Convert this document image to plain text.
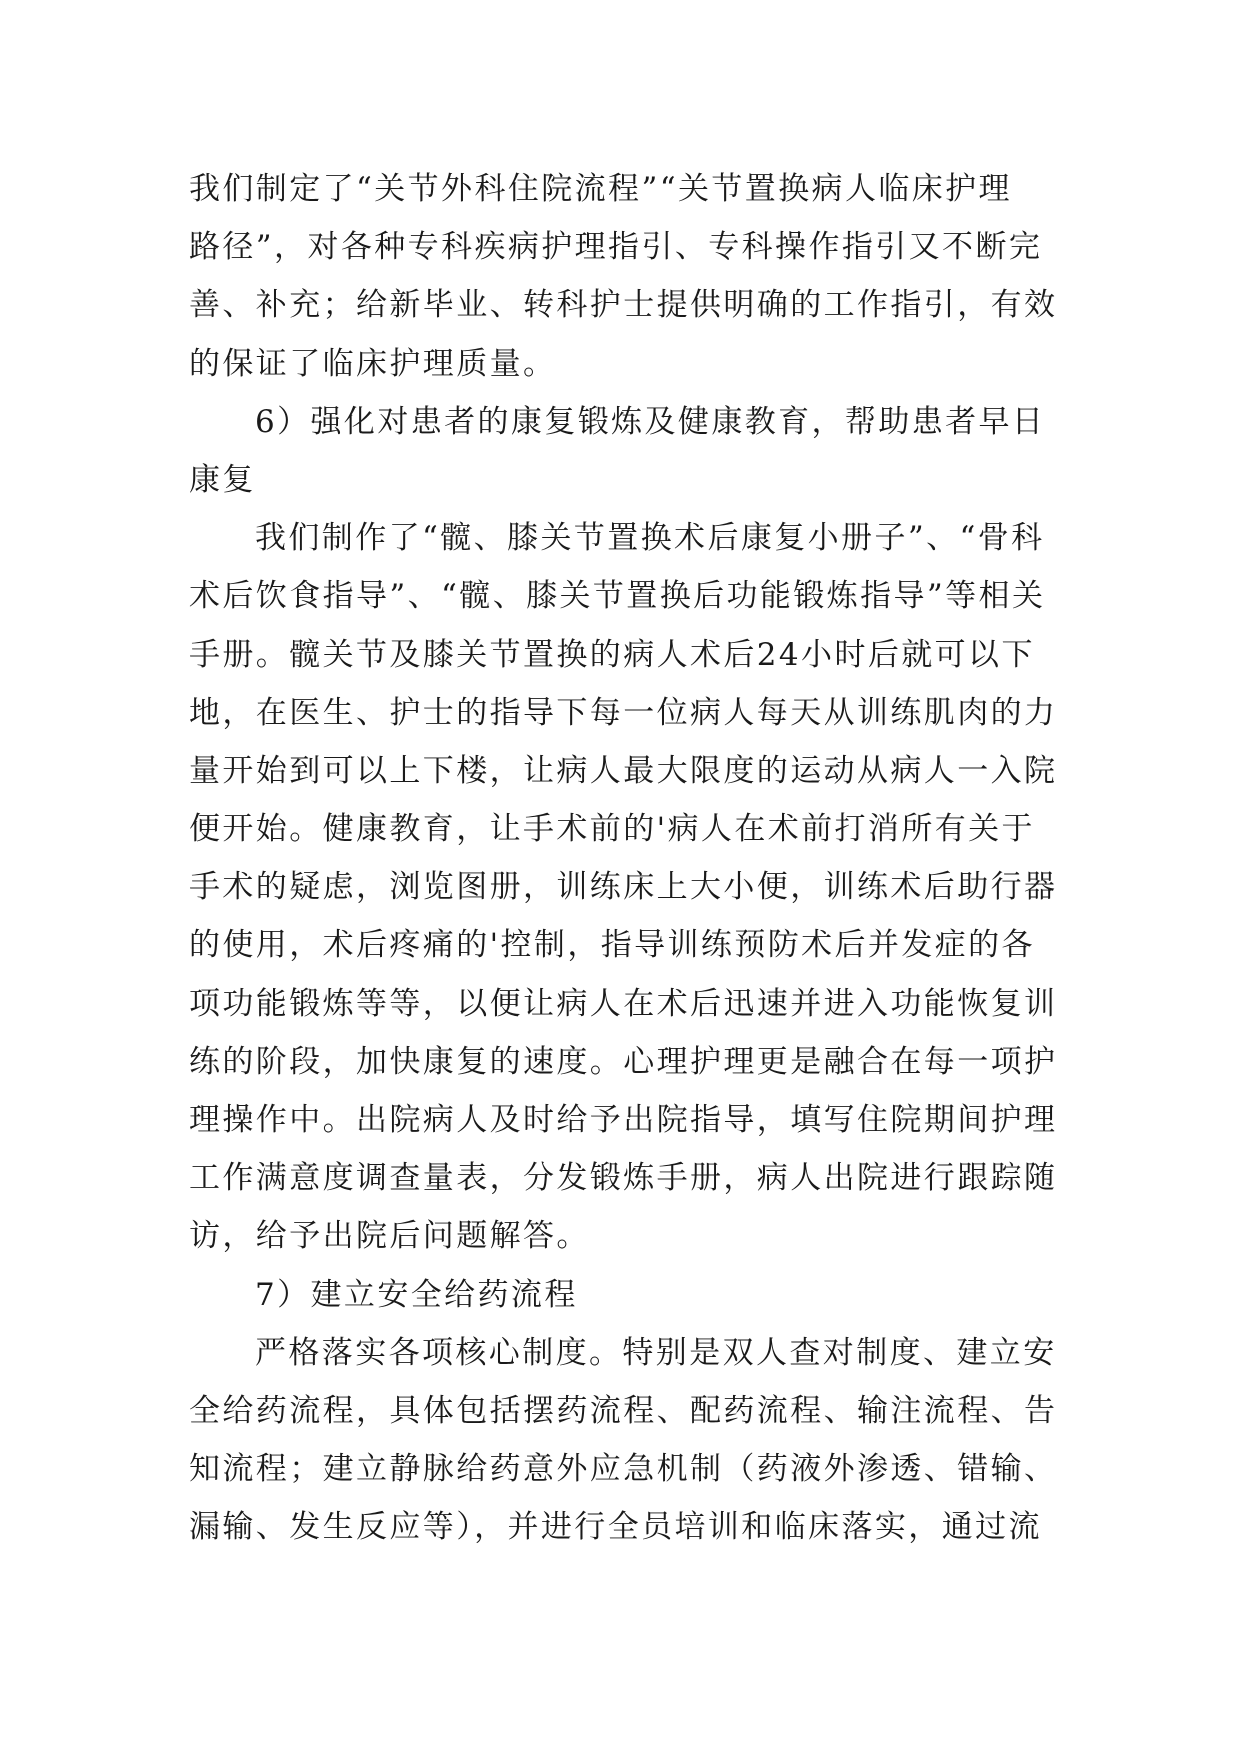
我们制定了“关节外科住院流程”“关节置换病人临床护理
路径”，对各种专科疾病护理指引、专科操作指引又不断完
善、补充；给新毕业、转科护士提供明确的工作指引，有效
的保证了临床护理质量。
6）强化对患者的康复锻炼及健康教育，帮助患者早日
康复
我们制作了“髋、膝关节置换术后康复小册子”、“骨科
术后饮食指导”、“髋、膝关节置换后功能锻炼指导”等相关
手册。髋关节及膝关节置换的病人术后24小时后就可以下
地，在医生、护士的指导下每一位病人每天从训练肌肉的力
量开始到可以上下楼，让病人最大限度的运动从病人一入院
便开始。健康教育，让手术前的'病人在术前打消所有关于
手术的疑虑，浏览图册，训练床上大小便，训练术后助行器
的使用，术后疼痛的'控制，指导训练预防术后并发症的各
项功能锻炼等等，以便让病人在术后迅速并进入功能恢复训
练的阶段，加快康复的速度。心理护理更是融合在每一项护
理操作中。出院病人及时给予出院指导，填写住院期间护理
工作满意度调查量表，分发锻炼手册，病人出院进行跟踪随
访，给予出院后问题解答。
7）建立安全给药流程
严格落实各项核心制度。特别是双人查对制度、建立安
全给药流程，具体包括摆药流程、配药流程、输注流程、告
知流程；建立静脉给药意外应急机制（药液外渗透、错输、
漏输、发生反应等），并进行全员培训和临床落实，通过流
